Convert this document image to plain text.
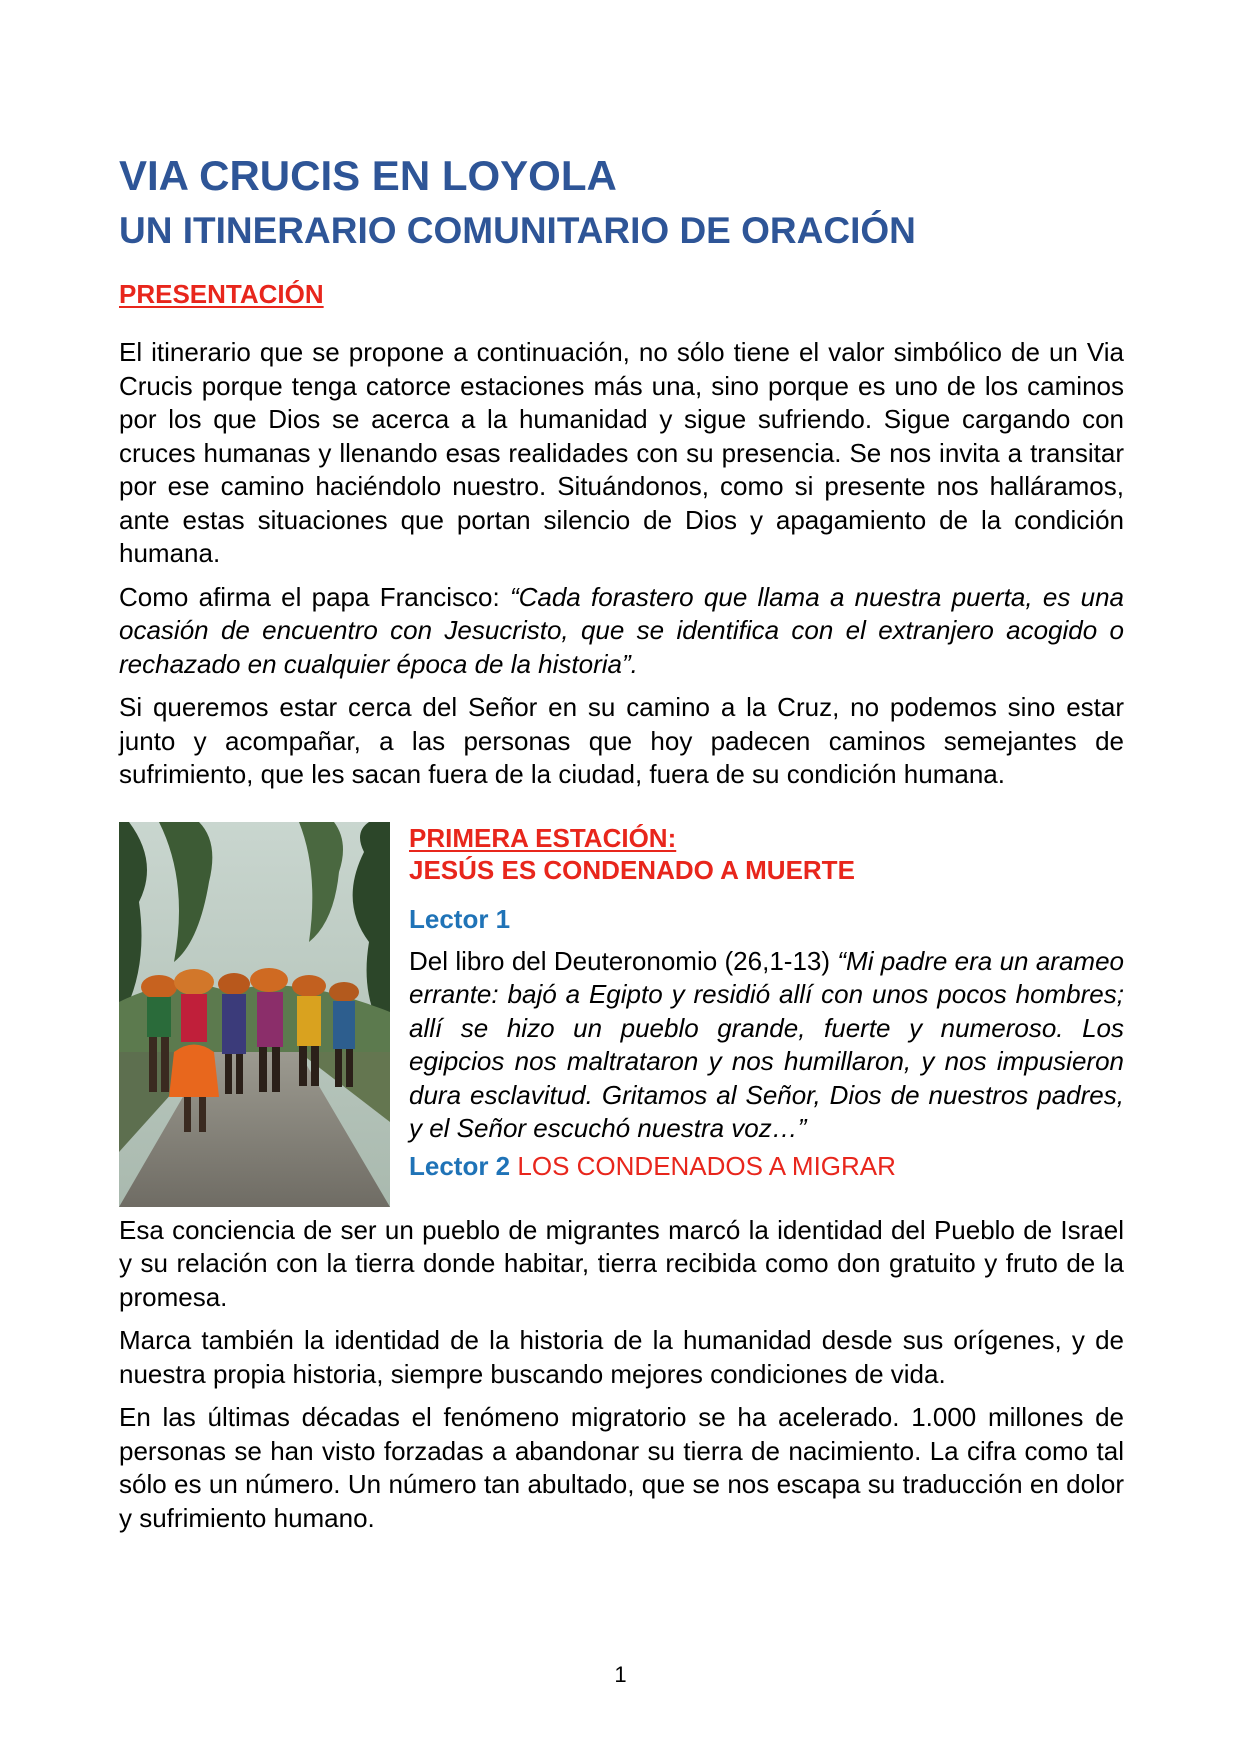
VIA CRUCIS EN LOYOLA
UN ITINERARIO COMUNITARIO DE ORACIÓN
PRESENTACIÓN

El itinerario que se propone a continuación, no sólo tiene el valor simbólico de un Via Crucis porque tenga catorce estaciones más una, sino porque es uno de los caminos por los que Dios se acerca a la humanidad y sigue sufriendo. Sigue cargando con cruces humanas y llenando esas realidades con su presencia. Se nos invita a transitar por ese camino haciéndolo nuestro. Situándonos, como si presente nos halláramos, ante estas situaciones que portan silencio de Dios y apagamiento de la condición humana.

Como afirma el papa Francisco: “Cada forastero que llama a nuestra puerta, es una ocasión de encuentro con Jesucristo, que se identifica con el extranjero acogido o rechazado en cualquier época de la historia”.

Si queremos estar cerca del Señor en su camino a la Cruz, no podemos sino estar junto y acompañar, a las personas que hoy padecen caminos semejantes de sufrimiento, que les sacan fuera de la ciudad, fuera de su condición humana.

PRIMERA ESTACIÓN:
JESÚS ES CONDENADO A MUERTE
Lector 1

Del libro del Deuteronomio (26,1-13) “Mi padre era un arameo errante: bajó a Egipto y residió allí con unos pocos hombres; allí se hizo un pueblo grande, fuerte y numeroso. Los egipcios nos maltrataron y nos humillaron, y nos impusieron dura esclavitud. Gritamos al Señor, Dios de nuestros padres, y el Señor escuchó nuestra voz…”

Lector 2 LOS CONDENADOS A MIGRAR

Esa conciencia de ser un pueblo de migrantes marcó la identidad del Pueblo de Israel y su relación con la tierra donde habitar, tierra recibida como don gratuito y fruto de la promesa.

Marca también la identidad de la historia de la humanidad desde sus orígenes, y de nuestra propia historia, siempre buscando mejores condiciones de vida.

En las últimas décadas el fenómeno migratorio se ha acelerado. 1.000 millones de personas se han visto forzadas a abandonar su tierra de nacimiento. La cifra como tal sólo es un número. Un número tan abultado, que se nos escapa su traducción en dolor y sufrimiento humano.

1
